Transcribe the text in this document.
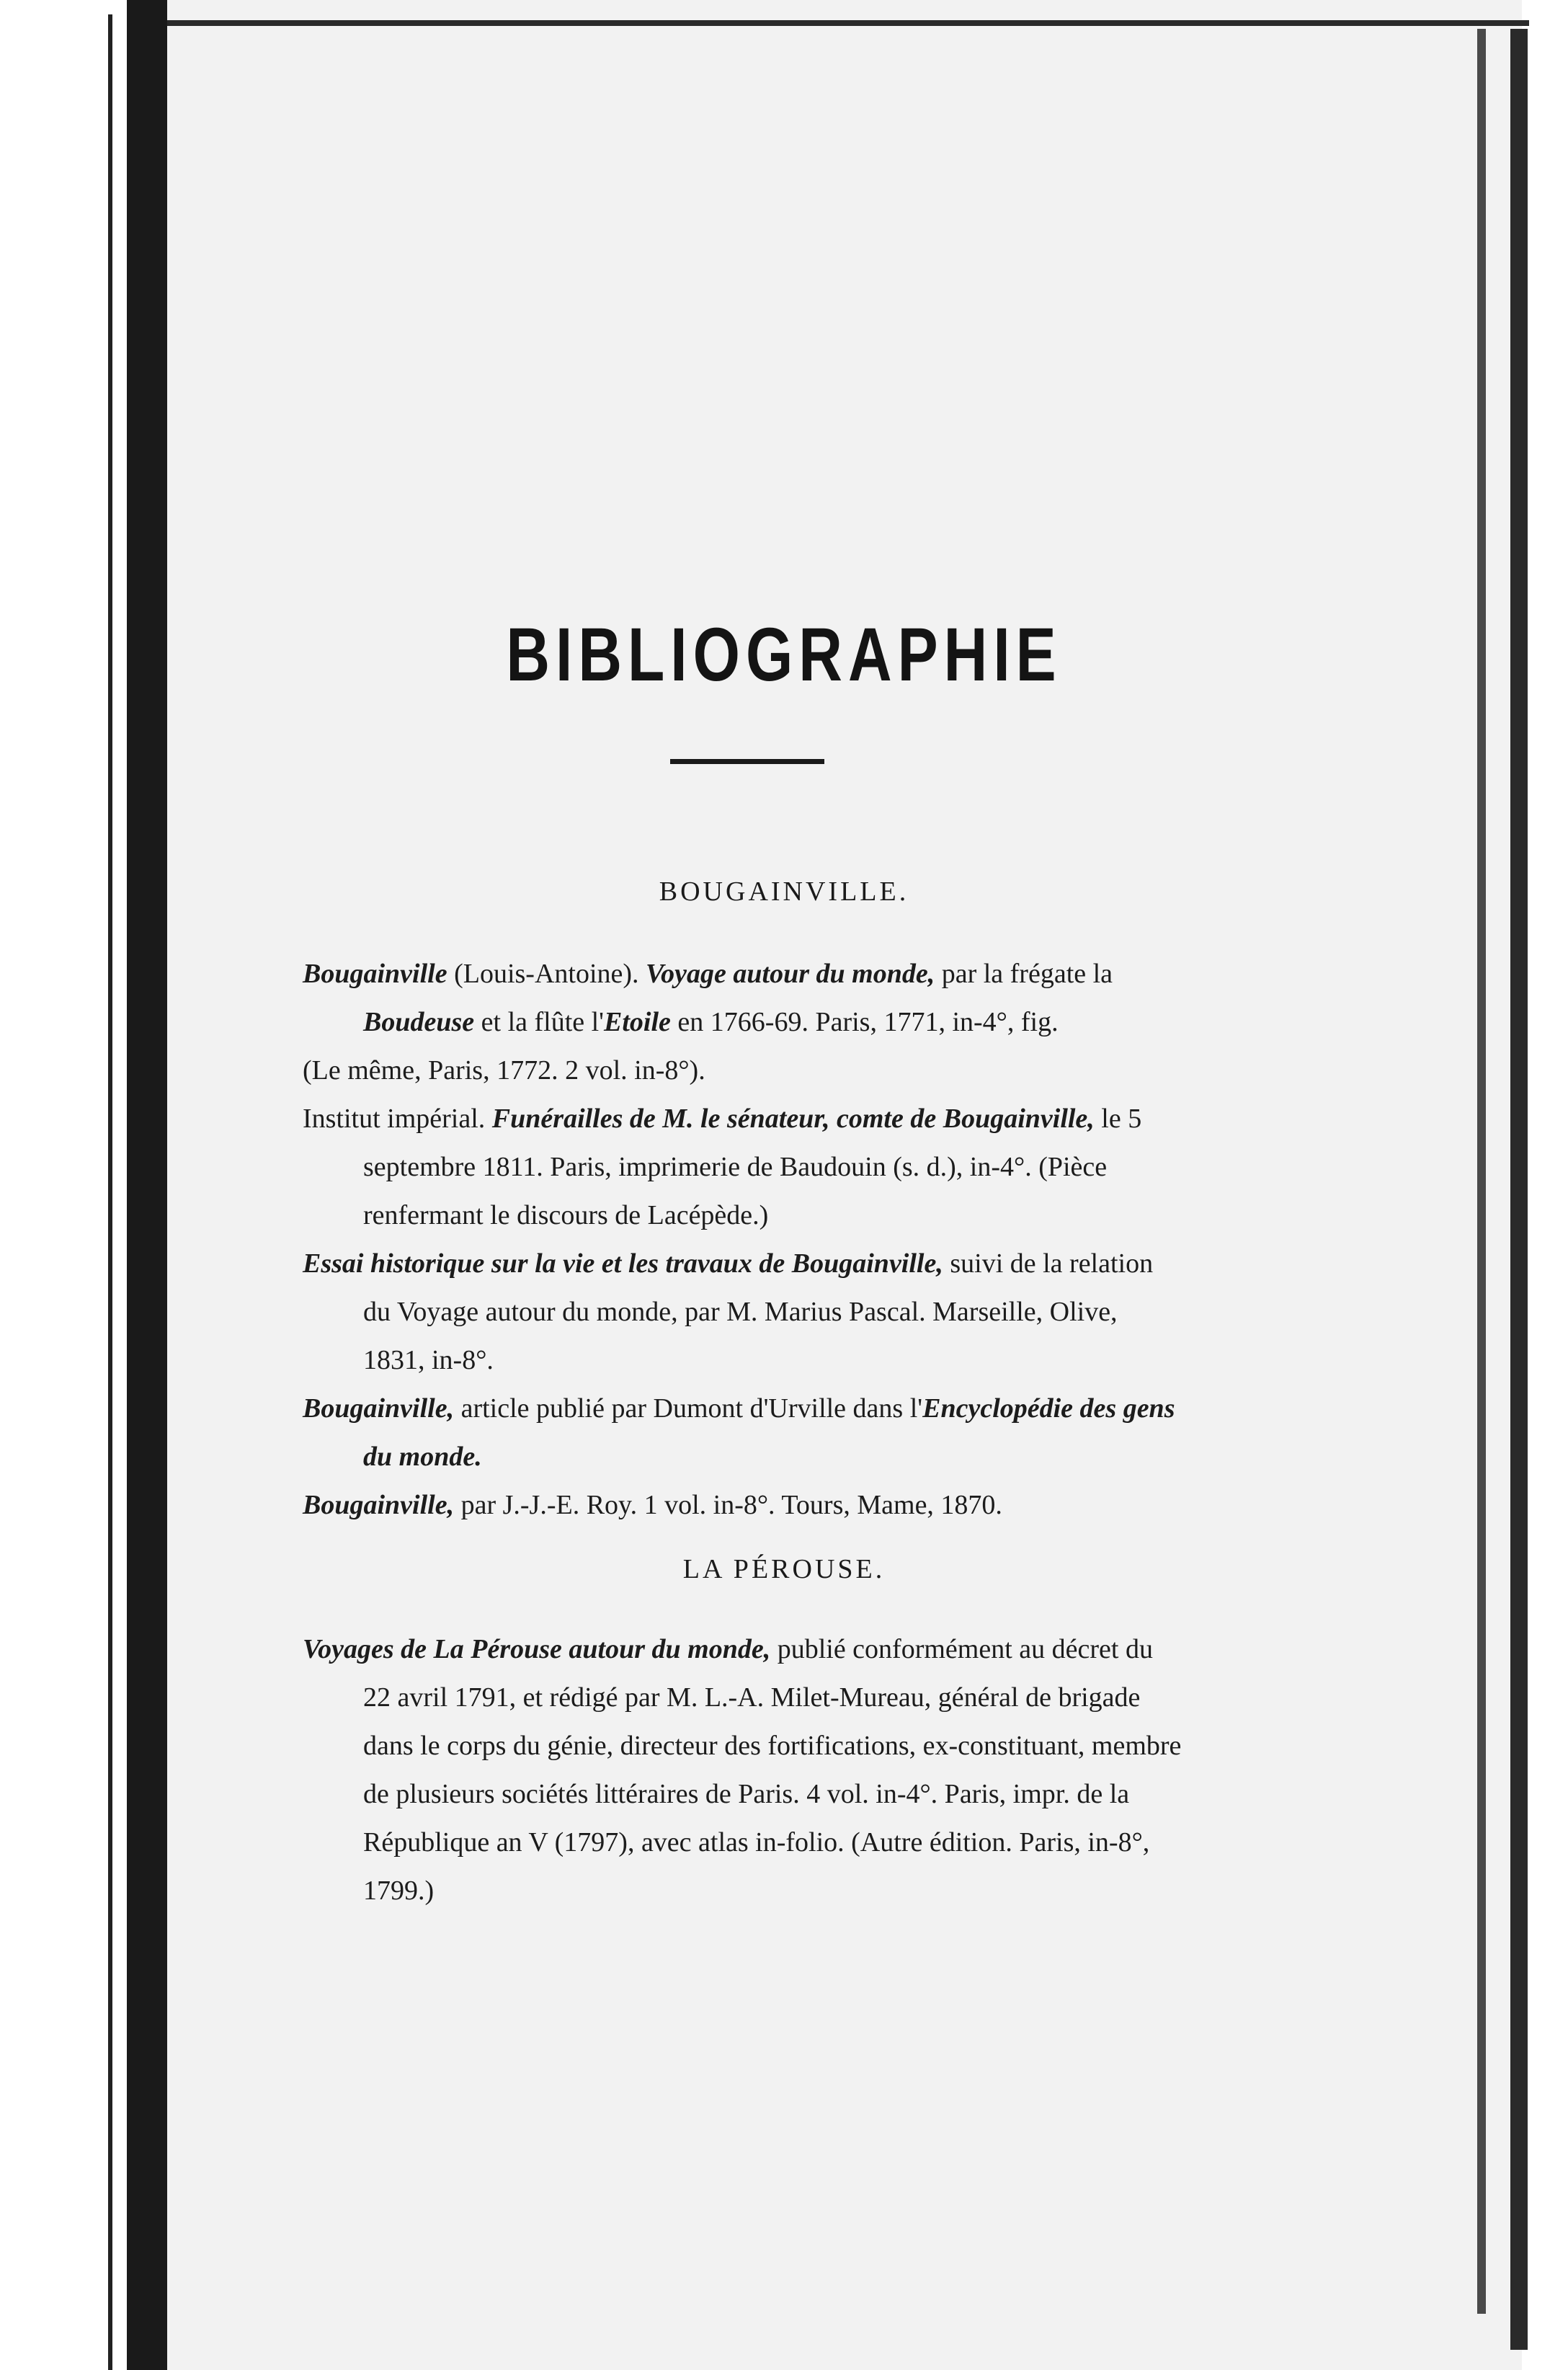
BIBLIOGRAPHIE
BOUGAINVILLE.

Bougainville (Louis-Antoine). Voyage autour du monde, par la frégate la Boudeuse et la flûte l'Etoile en 1766-69. Paris, 1771, in-4°, fig.

(Le même, Paris, 1772. 2 vol. in-8°).

Institut impérial. Funérailles de M. le sénateur, comte de Bougainville, le 5 septembre 1811. Paris, imprimerie de Baudouin (s. d.), in-4°. (Pièce renfermant le discours de Lacépède.)

Essai historique sur la vie et les travaux de Bougainville, suivi de la relation du Voyage autour du monde, par M. Marius Pascal. Marseille, Olive, 1831, in-8°.

Bougainville, article publié par Dumont d'Urville dans l'Encyclopédie des gens du monde.

Bougainville, par J.-J.-E. Roy. 1 vol. in-8°. Tours, Mame, 1870.

LA PÉROUSE.

Voyages de La Pérouse autour du monde, publié conformément au décret du 22 avril 1791, et rédigé par M. L.-A. Milet-Mureau, général de brigade dans le corps du génie, directeur des fortifications, ex-constituant, membre de plusieurs sociétés littéraires de Paris. 4 vol. in-4°. Paris, impr. de la République an V (1797), avec atlas in-folio. (Autre édition. Paris, in-8°, 1799.)
